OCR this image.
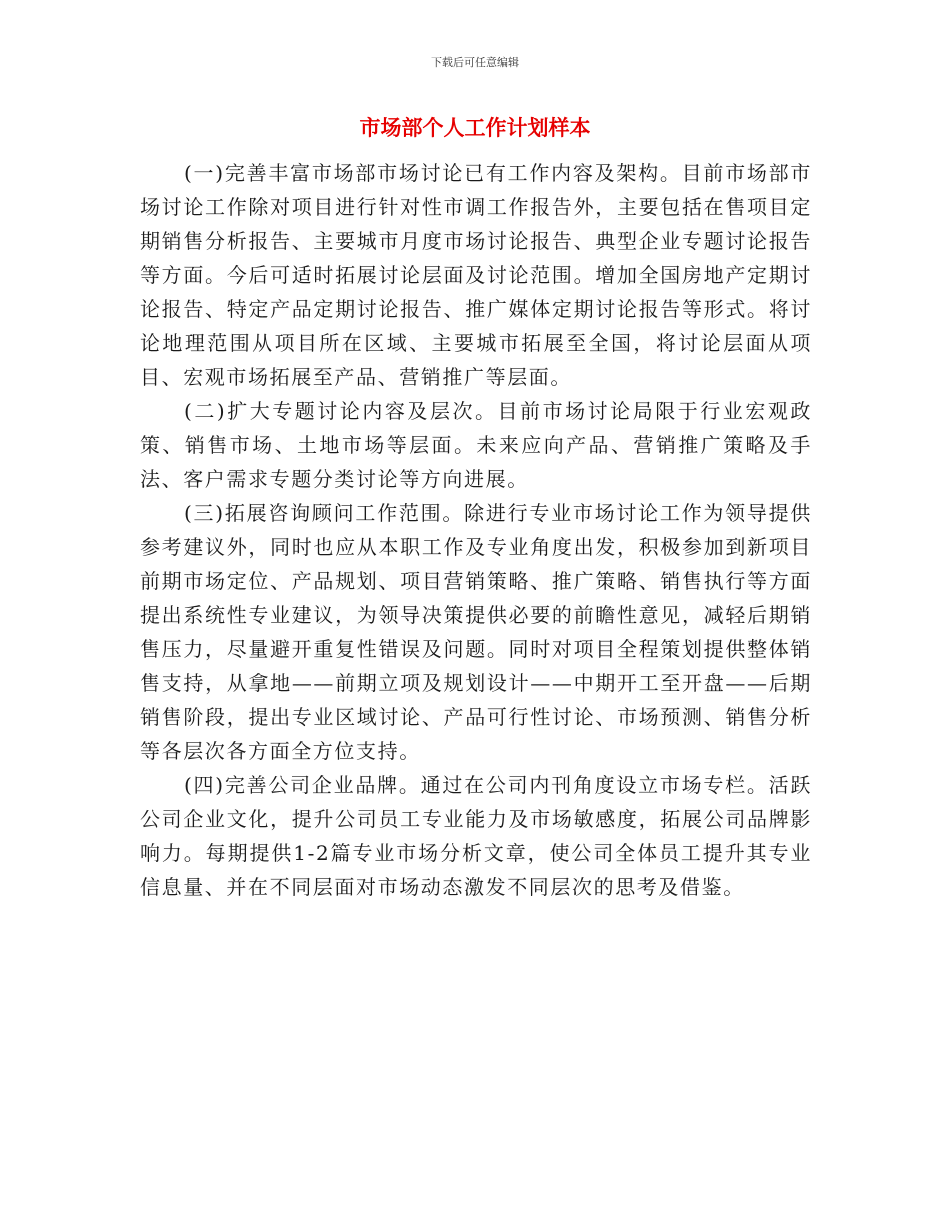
下载后可任意编辑
市场部个人工作计划样本

(一)完善丰富市场部市场讨论已有工作内容及架构。目前市场部市场讨论工作除对项目进行针对性市调工作报告外，主要包括在售项目定期销售分析报告、主要城市月度市场讨论报告、典型企业专题讨论报告等方面。今后可适时拓展讨论层面及讨论范围。增加全国房地产定期讨论报告、特定产品定期讨论报告、推广媒体定期讨论报告等形式。将讨论地理范围从项目所在区域、主要城市拓展至全国，将讨论层面从项目、宏观市场拓展至产品、营销推广等层面。

(二)扩大专题讨论内容及层次。目前市场讨论局限于行业宏观政策、销售市场、土地市场等层面。未来应向产品、营销推广策略及手法、客户需求专题分类讨论等方向进展。

(三)拓展咨询顾问工作范围。除进行专业市场讨论工作为领导提供参考建议外，同时也应从本职工作及专业角度出发，积极参加到新项目前期市场定位、产品规划、项目营销策略、推广策略、销售执行等方面提出系统性专业建议，为领导决策提供必要的前瞻性意见，减轻后期销售压力，尽量避开重复性错误及问题。同时对项目全程策划提供整体销售支持，从拿地——前期立项及规划设计——中期开工至开盘——后期销售阶段，提出专业区域讨论、产品可行性讨论、市场预测、销售分析等各层次各方面全方位支持。

(四)完善公司企业品牌。通过在公司内刊角度设立市场专栏。活跃公司企业文化，提升公司员工专业能力及市场敏感度，拓展公司品牌影响力。每期提供1-2篇专业市场分析文章，使公司全体员工提升其专业信息量、并在不同层面对市场动态激发不同层次的思考及借鉴。
